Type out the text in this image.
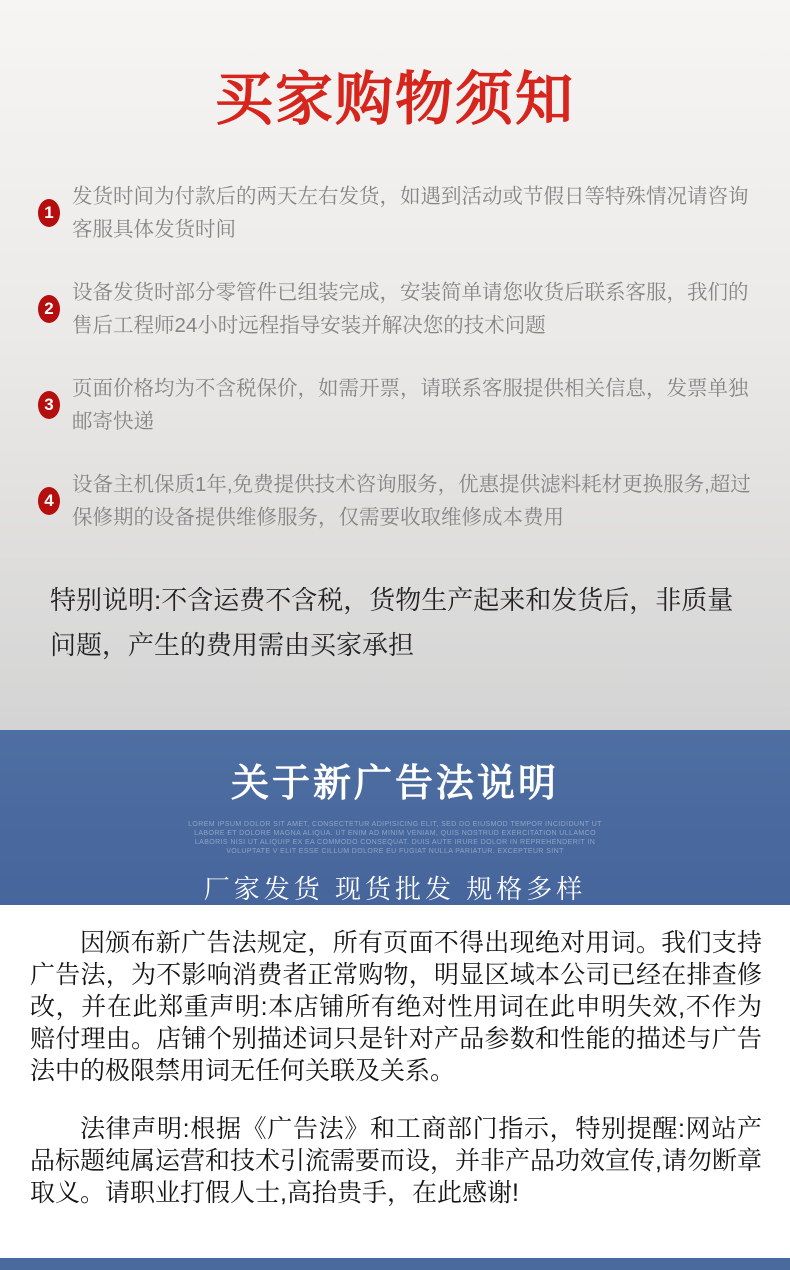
买家购物须知
1

发货时间为付款后的两天左右发货，如遇到活动或节假日等特殊情况请咨询客服具体发货时间

2

设备发货时部分零管件已组装完成，安装简单请您收货后联系客服，我们的售后工程师24小时远程指导安装并解决您的技术问题

3

页面价格均为不含税保价，如需开票，请联系客服提供相关信息，发票单独邮寄快递

4

设备主机保质1年,免费提供技术咨询服务，优惠提供滤料耗材更换服务,超过保修期的设备提供维修服务，仅需要收取维修成本费用

特别说明:不含运费不含税，货物生产起来和发货后，非质量问题，产生的费用需由买家承担

关于新广告法说明

LOREM IPSUM DOLOR SIT AMET, CONSECTETUR ADIPISICING ELIT, SED DO EIUSMOD TEMPOR INCIDIDUNT UT LABORE ET DOLORE MAGNA ALIQUA. UT ENIM AD MINIM VENIAM, QUIS NOSTRUD EXERCITATION ULLAMCO LABORIS NISI UT ALIQUIP EX EA COMMODO CONSEQUAT. DUIS AUTE IRURE DOLOR IN REPREHENDERIT IN VOLUPTATE V ELIT ESSE CILLUM DOLORE EU FUGIAT NULLA PARIATUR. EXCEPTEUR SINT

厂家发货 现货批发 规格多样

因颁布新广告法规定，所有页面不得出现绝对用词。我们支持广告法，为不影响消费者正常购物，明显区域本公司已经在排查修改，并在此郑重声明:本店铺所有绝对性用词在此申明失效,不作为赔付理由。店铺个别描述词只是针对产品参数和性能的描述与广告法中的极限禁用词无任何关联及关系。

法律声明:根据《广告法》和工商部门指示，特别提醒:网站产品标题纯属运营和技术引流需要而设，并非产品功效宣传,请勿断章取义。请职业打假人士,高抬贵手，在此感谢!
